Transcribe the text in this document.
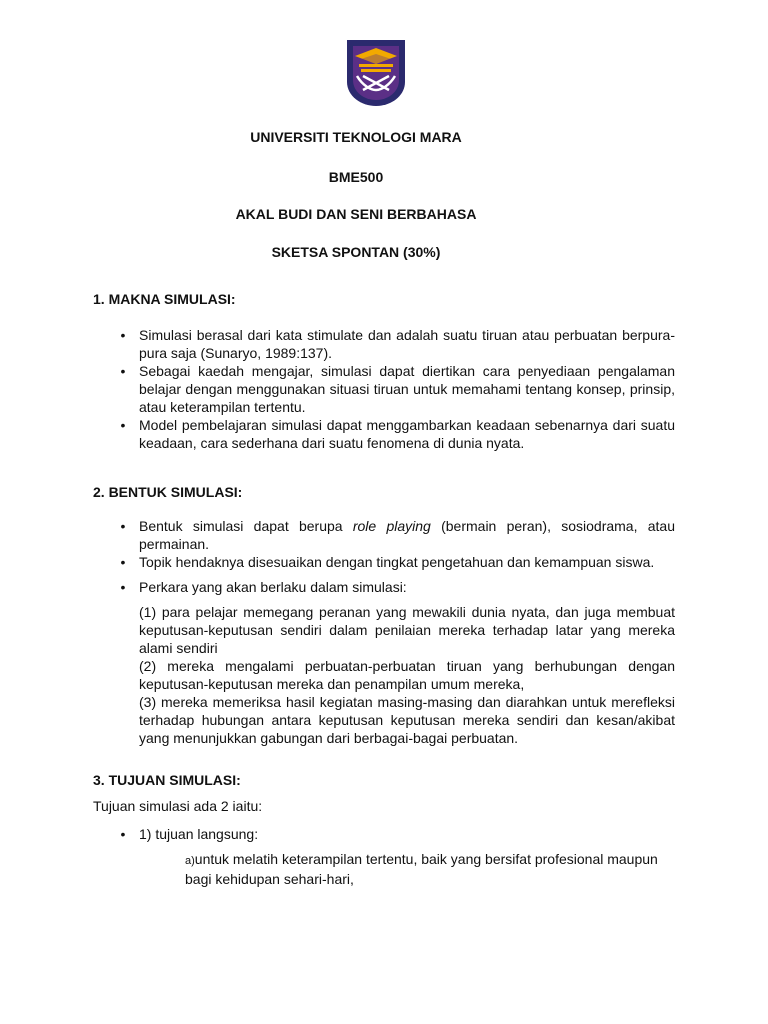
UNIVERSITI TEKNOLOGI MARA
BME500
AKAL BUDI DAN SENI BERBAHASA
SKETSA SPONTAN (30%)
1. MAKNA SIMULASI:
• Simulasi berasal dari kata stimulate dan adalah suatu tiruan atau perbuatan berpura-pura saja (Sunaryo, 1989:137).
• Sebagai kaedah mengajar, simulasi dapat diertikan cara penyediaan pengalaman belajar dengan menggunakan situasi tiruan untuk memahami tentang konsep, prinsip, atau keterampilan tertentu.
• Model pembelajaran simulasi dapat menggambarkan keadaan sebenarnya dari suatu keadaan, cara sederhana dari suatu fenomena di dunia nyata.
2. BENTUK SIMULASI:
• Bentuk simulasi dapat berupa role playing (bermain peran), sosiodrama, atau permainan.
• Topik hendaknya disesuaikan dengan tingkat pengetahuan dan kemampuan siswa.
• Perkara yang akan berlaku dalam simulasi:

(1) para pelajar memegang peranan yang mewakili dunia nyata, dan juga membuat keputusan-keputusan sendiri dalam penilaian mereka terhadap latar yang mereka alami sendiri

(2) mereka mengalami perbuatan-perbuatan tiruan yang berhubungan dengan keputusan-keputusan mereka dan penampilan umum mereka,

(3) mereka memeriksa hasil kegiatan masing-masing dan diarahkan untuk merefleksi terhadap hubungan antara keputusan keputusan mereka sendiri dan kesan/akibat yang menunjukkan gabungan dari berbagai-bagai perbuatan.

3. TUJUAN SIMULASI:
Tujuan simulasi ada 2 iaitu:
• 1) tujuan langsung:
a)untuk melatih keterampilan tertentu, baik yang bersifat profesional maupun bagi kehidupan sehari-hari,
